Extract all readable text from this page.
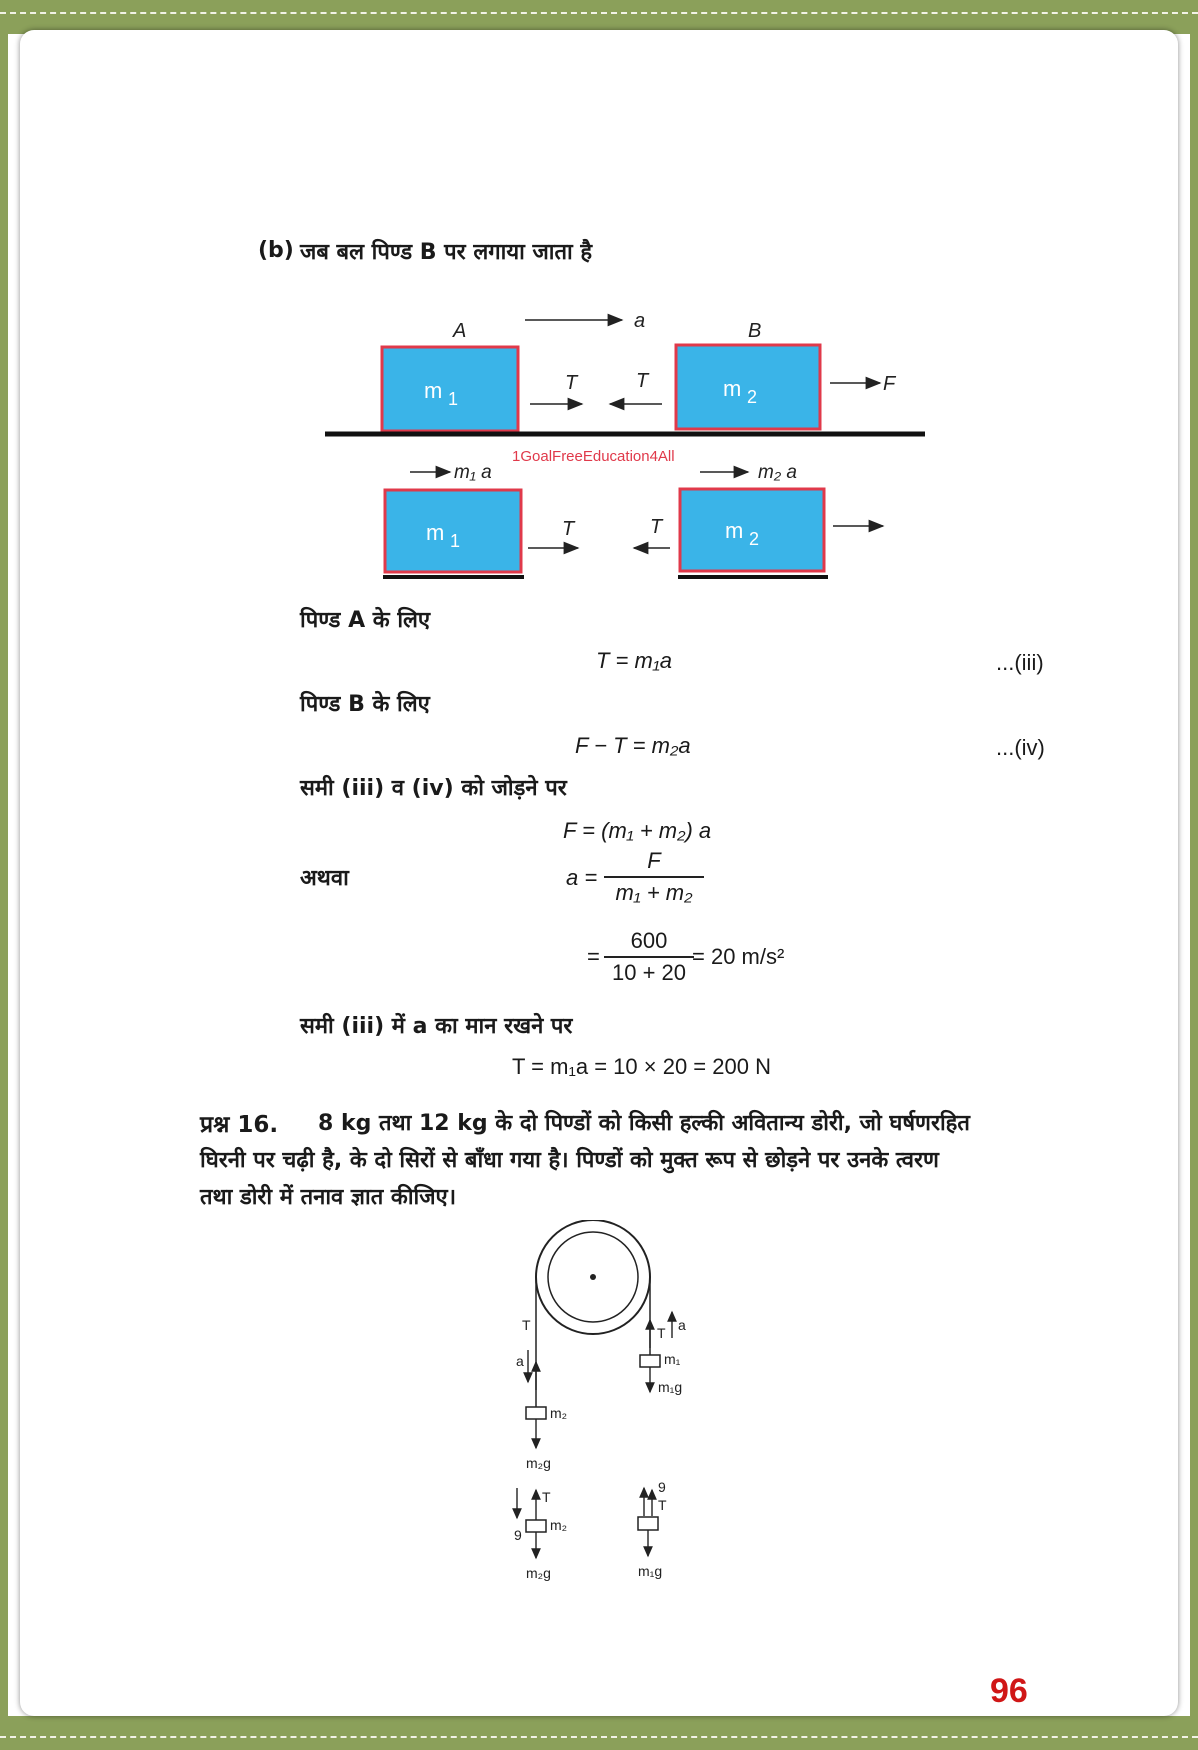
(b) जब बल पिण्ड B पर लगाया जाता है
A	a	B
m 1
T	T	m 2
F
1GoalFreeEducation4All
m₁ a	m₂ a
m 1
T	T	m 2
पिण्ड A के लिए
T = m₁a	...(iii)
पिण्ड B के लिए
F − T = m₂a	...(iv)
समी (iii) व (iv) को जोड़ने पर
F = (m₁ + m₂) a
अथवा	a =
F
m₁ + m₂
=
600
10 + 20
= 20 m/s²
समी (iii) में a का मान रखने पर
T = m₁a = 10 × 20 = 200 N
प्रश्न 16. 8 kg तथा 12 kg के दो पिण्डों को किसी हल्की अवितान्य डोरी, जो घर्षणरहित
घिरनी पर चढ़ी है, के दो सिरों से बाँधा गया है। पिण्डों को मुक्त रूप से छोड़ने पर उनके त्वरण
तथा डोरी में तनाव ज्ञात कीजिए।
T
a
m₂
m₂g
T a
m₁
m₁g
9
T
m₂
m₂g
9
T
m₁g
96
